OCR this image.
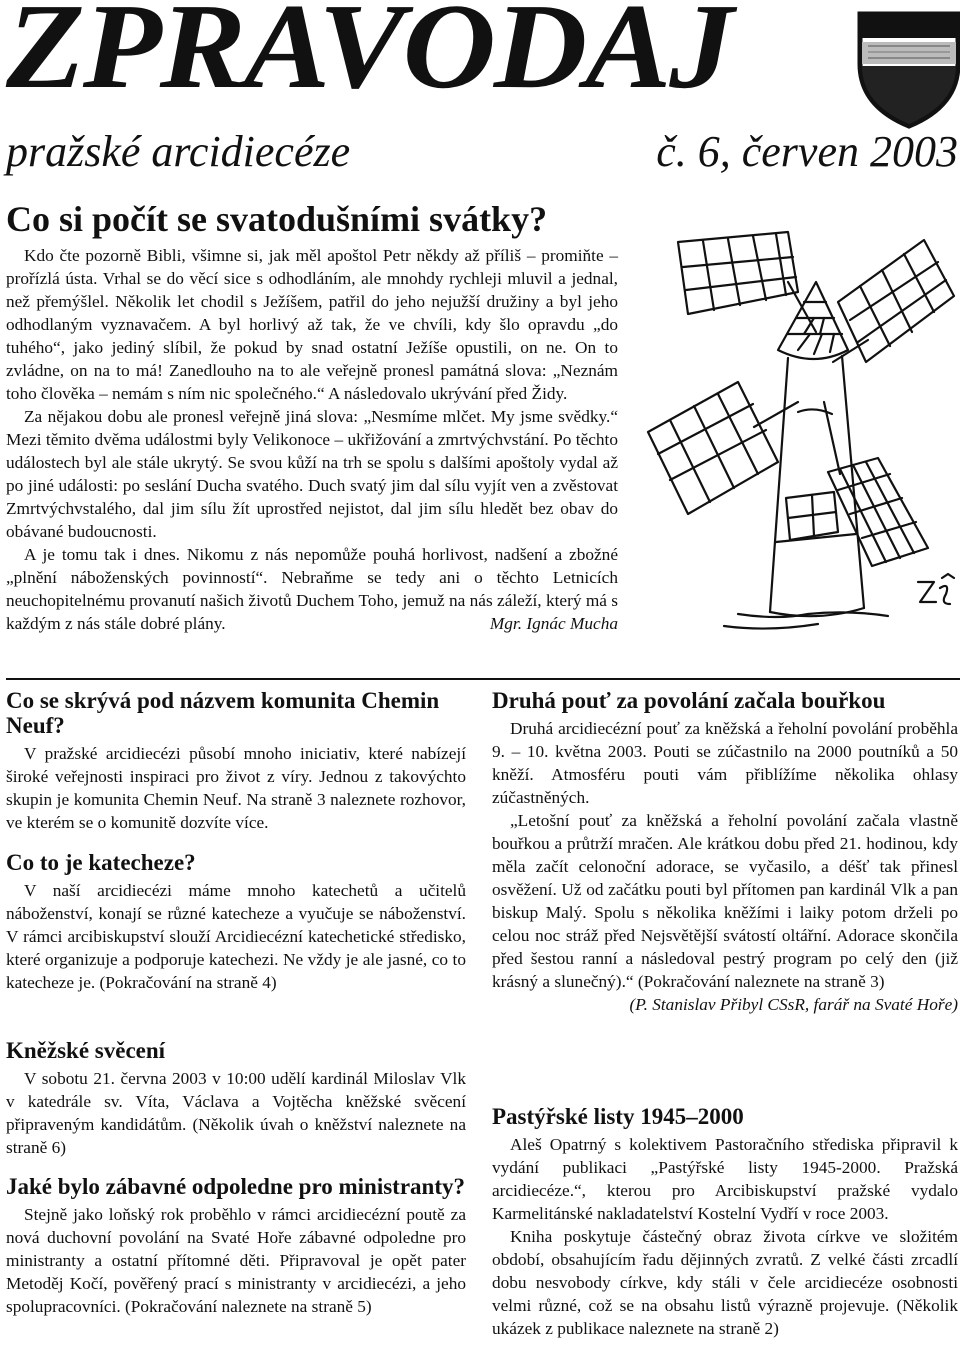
ZPRAVODAJ
pražské arcidiecéze	č. 6, červen 2003
Co si počít se svatodušními svátky?

Kdo čte pozorně Bibli, všimne si, jak měl apoštol Petr někdy až příliš – promiňte – prořízlá ústa. Vrhal se do věcí sice s odhodláním, ale mnohdy rychleji mluvil a jednal, než přemýšlel. Několik let chodil s Ježíšem, patřil do jeho nejužší družiny a byl jeho odhodlaným vyznavačem. A byl horlivý až tak, že ve chvíli, kdy šlo opravdu „do tuhého“, jako jediný slíbil, že pokud by snad ostatní Ježíše opustili, on ne. On to zvládne, on na to má! Zanedlouho na to ale veřejně pronesl památná slova: „Neznám toho člověka – nemám s ním nic společného.“ A následovalo ukrývání před Židy.

Za nějakou dobu ale pronesl veřejně jiná slova: „Nesmíme mlčet. My jsme svědky.“ Mezi těmito dvěma událostmi byly Velikonoce – ukřižování a zmrtvýchvstání. Po těchto událostech byl ale stále ukrytý. Se svou kůží na trh se spolu s dalšími apoštoly vydal až po jiné události: po seslání Ducha svatého. Duch svatý jim dal sílu vyjít ven a zvěstovat Zmrtvýchvstalého, dal jim sílu žít uprostřed nejistot, dal jim sílu hledět bez obav do obávané budoucnosti.

A je tomu tak i dnes. Nikomu z nás nepomůže pouhá horlivost, nadšení a zbožné „plnění náboženských povinností“. Nebraňme se tedy ani o těchto Letnicích neuchopitelnému provanutí našich životů Duchem Toho, jemuž na nás záleží, který má s každým z nás stále dobré plány.	Mgr. Ignác Mucha	ZŠ
Co se skrývá pod názvem komunita Chemin Neuf?

V pražské arcidiecézi působí mnoho iniciativ, které nabízejí široké veřejnosti inspiraci pro život z víry. Jednou z takovýchto skupin je komunita Chemin Neuf. Na straně 3 naleznete rozhovor, ve kterém se o komunitě dozvíte více.

Co to je katecheze?

V naší arcidiecézi máme mnoho katechetů a učitelů náboženství, konají se různé katecheze a vyučuje se náboženství. V rámci arcibiskupství slouží Arcidiecézní katechetické středisko, které organizuje a podporuje katechezi. Ne vždy je ale jasné, co to katecheze je. (Pokračování na straně 4)

Kněžské svěcení

V sobotu 21. června 2003 v 10:00 udělí kardinál Miloslav Vlk v katedrále sv. Víta, Václava a Vojtěcha kněžské svěcení připraveným kandidátům. (Několik úvah o kněžství naleznete na straně 6)

Jaké bylo zábavné odpoledne pro ministranty?

Stejně jako loňský rok proběhlo v rámci arcidiecézní poutě za nová duchovní povolání na Svaté Hoře zábavné odpoledne pro ministranty a ostatní přítomné děti. Připravoval je opět pater Metoděj Kočí, pověřený prací s ministranty v arcidiecézi, a jeho spolupracovníci. (Pokračování naleznete na straně 5)

Druhá pouť za povolání začala bouřkou

Druhá arcidiecézní pouť za kněžská a řeholní povolání proběhla 9. – 10. května 2003. Pouti se zúčastnilo na 2000 poutníků a 50 kněží. Atmosféru pouti vám přiblížíme několika ohlasy zúčastněných.

„Letošní pouť za kněžská a řeholní povolání začala vlastně bouřkou a průtrží mračen. Ale krátkou dobu před 21. hodinou, kdy měla začít celonoční adorace, se vyčasilo, a déšť tak přinesl osvěžení. Už od začátku pouti byl přítomen pan kardinál Vlk a pan biskup Malý. Spolu s několika kněžími i laiky potom drželi po celou noc stráž před Nejsvětější svátostí oltářní. Adorace skončila před šestou ranní a následoval pestrý program po celý den (již krásný a slunečný).“ (Pokračování naleznete na straně 3)

(P. Stanislav Přibyl CSsR, farář na Svaté Hoře)

Pastýřské listy 1945–2000

Aleš Opatrný s kolektivem Pastoračního střediska připravil k vydání publikaci „Pastýřské listy 1945-2000. Pražská arcidiecéze.“, kterou pro Arcibiskupství pražské vydalo Karmelitánské nakladatelství Kostelní Vydří v roce 2003.

Kniha poskytuje částečný obraz života církve ve složitém období, obsahujícím řadu dějinných zvratů. Z velké části zrcadlí dobu nesvobody církve, kdy stáli v čele arcidiecéze osobnosti velmi různé, což se na obsahu listů výrazně projevuje. (Několik ukázek z publikace naleznete na straně 2)
